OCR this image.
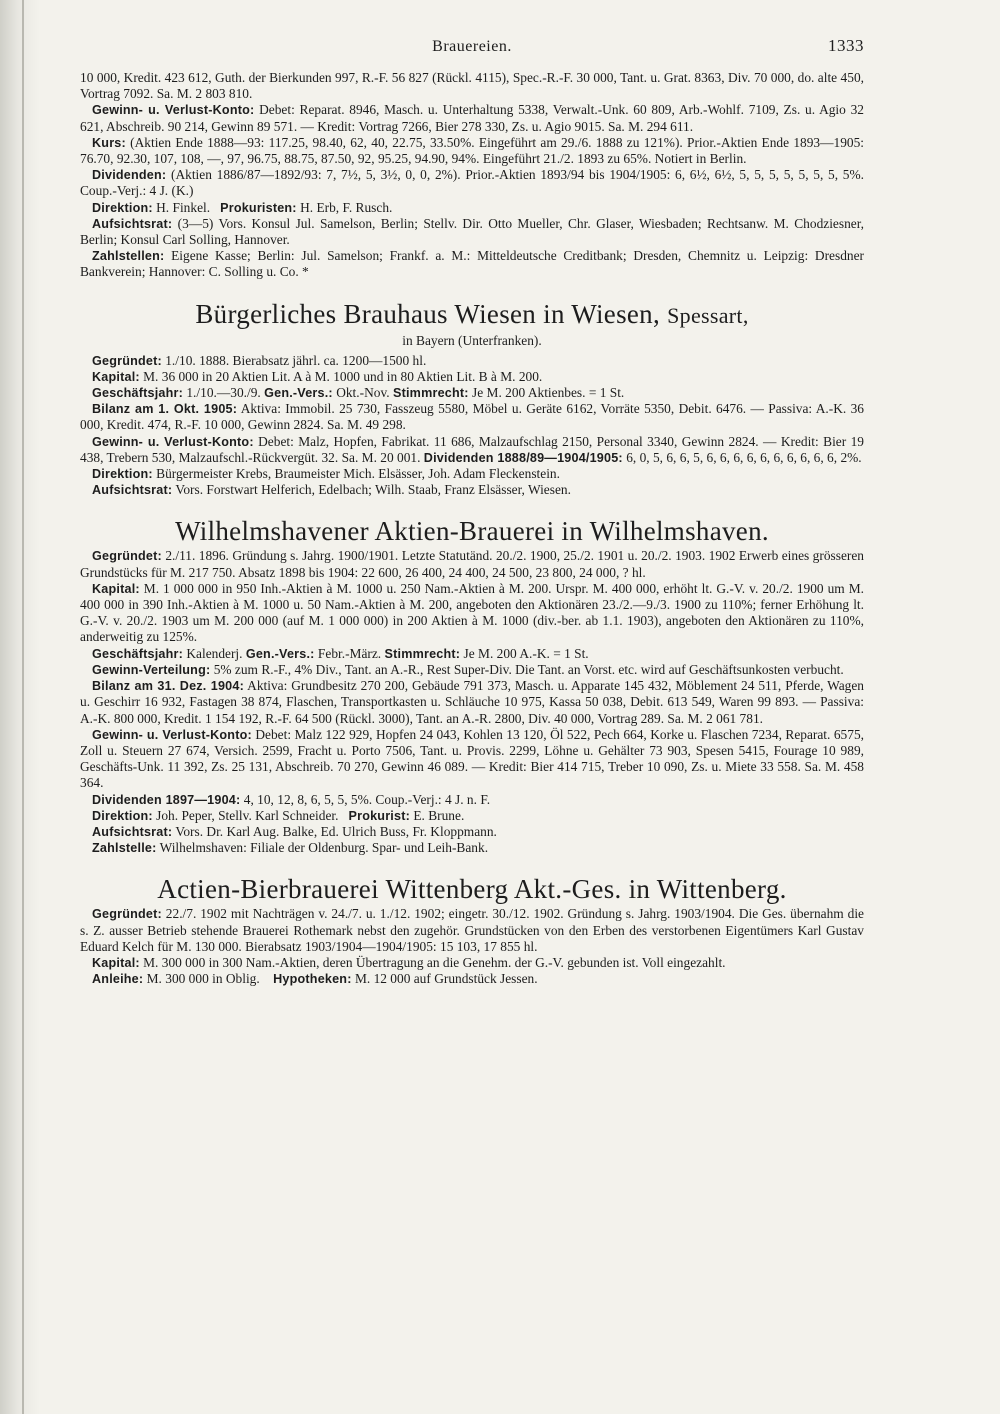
Brauereien.	1333

10 000, Kredit. 423 612, Guth. der Bierkunden 997, R.-F. 56 827 (Rückl. 4115), Spec.-R.-F. 30 000, Tant. u. Grat. 8363, Div. 70 000, do. alte 450, Vortrag 7092. Sa. M. 2 803 810.

Gewinn- u. Verlust-Konto: Debet: Reparat. 8946, Masch. u. Unterhaltung 5338, Verwalt.-Unk. 60 809, Arb.-Wohlf. 7109, Zs. u. Agio 32 621, Abschreib. 90 214, Gewinn 89 571. — Kredit: Vortrag 7266, Bier 278 330, Zs. u. Agio 9015. Sa. M. 294 611.

Kurs: (Aktien Ende 1888—93: 117.25, 98.40, 62, 40, 22.75, 33.50%. Eingeführt am 29./6. 1888 zu 121%). Prior.-Aktien Ende 1893—1905: 76.70, 92.30, 107, 108, —, 97, 96.75, 88.75, 87.50, 92, 95.25, 94.90, 94%. Eingeführt 21./2. 1893 zu 65%. Notiert in Berlin.

Dividenden: (Aktien 1886/87—1892/93: 7, 7½, 5, 3½, 0, 0, 2%). Prior.-Aktien 1893/94 bis 1904/1905: 6, 6½, 6½, 5, 5, 5, 5, 5, 5, 5, 5%. Coup.-Verj.: 4 J. (K.)

Direktion: H. Finkel. Prokuristen: H. Erb, F. Rusch.

Aufsichtsrat: (3—5) Vors. Konsul Jul. Samelson, Berlin; Stellv. Dir. Otto Mueller, Chr. Glaser, Wiesbaden; Rechtsanw. M. Chodziesner, Berlin; Konsul Carl Solling, Hannover.

Zahlstellen: Eigene Kasse; Berlin: Jul. Samelson; Frankf. a. M.: Mitteldeutsche Creditbank; Dresden, Chemnitz u. Leipzig: Dresdner Bankverein; Hannover: C. Solling u. Co. *

Bürgerliches Brauhaus Wiesen in Wiesen, Spessart,
in Bayern (Unterfranken).

Gegründet: 1./10. 1888. Bierabsatz jährl. ca. 1200—1500 hl.

Kapital: M. 36 000 in 20 Aktien Lit. A à M. 1000 und in 80 Aktien Lit. B à M. 200.

Geschäftsjahr: 1./10.—30./9. Gen.-Vers.: Okt.-Nov. Stimmrecht: Je M. 200 Aktienbes. = 1 St.

Bilanz am 1. Okt. 1905: Aktiva: Immobil. 25 730, Fasszeug 5580, Möbel u. Geräte 6162, Vorräte 5350, Debit. 6476. — Passiva: A.-K. 36 000, Kredit. 474, R.-F. 10 000, Gewinn 2824. Sa. M. 49 298.

Gewinn- u. Verlust-Konto: Debet: Malz, Hopfen, Fabrikat. 11 686, Malzaufschlag 2150, Personal 3340, Gewinn 2824. — Kredit: Bier 19 438, Trebern 530, Malzaufschl.-Rückvergüt. 32. Sa. M. 20 001. Dividenden 1888/89—1904/1905: 6, 0, 5, 6, 6, 5, 6, 6, 6, 6, 6, 6, 6, 6, 6, 6, 2%.

Direktion: Bürgermeister Krebs, Braumeister Mich. Elsässer, Joh. Adam Fleckenstein.

Aufsichtsrat: Vors. Forstwart Helferich, Edelbach; Wilh. Staab, Franz Elsässer, Wiesen.

Wilhelmshavener Aktien-Brauerei in Wilhelmshaven.

Gegründet: 2./11. 1896. Gründung s. Jahrg. 1900/1901. Letzte Statutänd. 20./2. 1900, 25./2. 1901 u. 20./2. 1903. 1902 Erwerb eines grösseren Grundstücks für M. 217 750. Absatz 1898 bis 1904: 22 600, 26 400, 24 400, 24 500, 23 800, 24 000, ? hl.

Kapital: M. 1 000 000 in 950 Inh.-Aktien à M. 1000 u. 250 Nam.-Aktien à M. 200. Urspr. M. 400 000, erhöht lt. G.-V. v. 20./2. 1900 um M. 400 000 in 390 Inh.-Aktien à M. 1000 u. 50 Nam.-Aktien à M. 200, angeboten den Aktionären 23./2.—9./3. 1900 zu 110%; ferner Erhöhung lt. G.-V. v. 20./2. 1903 um M. 200 000 (auf M. 1 000 000) in 200 Aktien à M. 1000 (div.-ber. ab 1.1. 1903), angeboten den Aktionären zu 110%, anderweitig zu 125%.

Geschäftsjahr: Kalenderj. Gen.-Vers.: Febr.-März. Stimmrecht: Je M. 200 A.-K. = 1 St.

Gewinn-Verteilung: 5% zum R.-F., 4% Div., Tant. an A.-R., Rest Super-Div. Die Tant. an Vorst. etc. wird auf Geschäftsunkosten verbucht.

Bilanz am 31. Dez. 1904: Aktiva: Grundbesitz 270 200, Gebäude 791 373, Masch. u. Apparate 145 432, Möblement 24 511, Pferde, Wagen u. Geschirr 16 932, Fastagen 38 874, Flaschen, Transportkasten u. Schläuche 10 975, Kassa 50 038, Debit. 613 549, Waren 99 893. — Passiva: A.-K. 800 000, Kredit. 1 154 192, R.-F. 64 500 (Rückl. 3000), Tant. an A.-R. 2800, Div. 40 000, Vortrag 289. Sa. M. 2 061 781.

Gewinn- u. Verlust-Konto: Debet: Malz 122 929, Hopfen 24 043, Kohlen 13 120, Öl 522, Pech 664, Korke u. Flaschen 7234, Reparat. 6575, Zoll u. Steuern 27 674, Versich. 2599, Fracht u. Porto 7506, Tant. u. Provis. 2299, Löhne u. Gehälter 73 903, Spesen 5415, Fourage 10 989, Geschäfts-Unk. 11 392, Zs. 25 131, Abschreib. 70 270, Gewinn 46 089. — Kredit: Bier 414 715, Treber 10 090, Zs. u. Miete 33 558. Sa. M. 458 364.

Dividenden 1897—1904: 4, 10, 12, 8, 6, 5, 5, 5%. Coup.-Verj.: 4 J. n. F.

Direktion: Joh. Peper, Stellv. Karl Schneider. Prokurist: E. Brune.

Aufsichtsrat: Vors. Dr. Karl Aug. Balke, Ed. Ulrich Buss, Fr. Kloppmann.

Zahlstelle: Wilhelmshaven: Filiale der Oldenburg. Spar- und Leih-Bank.

Actien-Bierbrauerei Wittenberg Akt.-Ges. in Wittenberg.

Gegründet: 22./7. 1902 mit Nachträgen v. 24./7. u. 1./12. 1902; eingetr. 30./12. 1902. Gründung s. Jahrg. 1903/1904. Die Ges. übernahm die s. Z. ausser Betrieb stehende Brauerei Rothemark nebst den zugehör. Grundstücken von den Erben des verstorbenen Eigentümers Karl Gustav Eduard Kelch für M. 130 000. Bierabsatz 1903/1904—1904/1905: 15 103, 17 855 hl.

Kapital: M. 300 000 in 300 Nam.-Aktien, deren Übertragung an die Genehm. der G.-V. gebunden ist. Voll eingezahlt.

Anleihe: M. 300 000 in Oblig. Hypotheken: M. 12 000 auf Grundstück Jessen.
